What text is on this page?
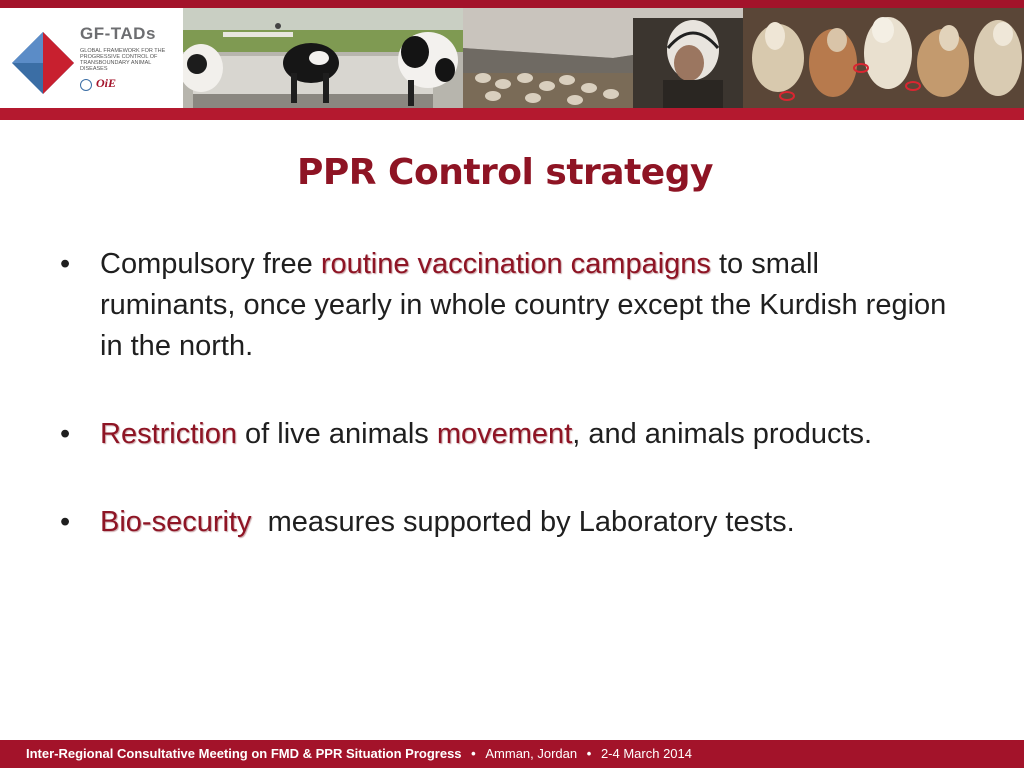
GF-TADs
GLOBAL FRAMEWORK FOR THE PROGRESSIVE CONTROL OF TRANSBOUNDARY ANIMAL DISEASES
OiE
PPR Control strategy
• Compulsory free routine vaccination campaigns to small ruminants, once yearly in whole country except the Kurdish region in the north.
• Restriction of live animals movement, and animals products.
• Bio-security  measures supported by Laboratory tests.
Inter-Regional Consultative Meeting on FMD & PPR Situation Progress • Amman, Jordan • 2-4 March 2014
